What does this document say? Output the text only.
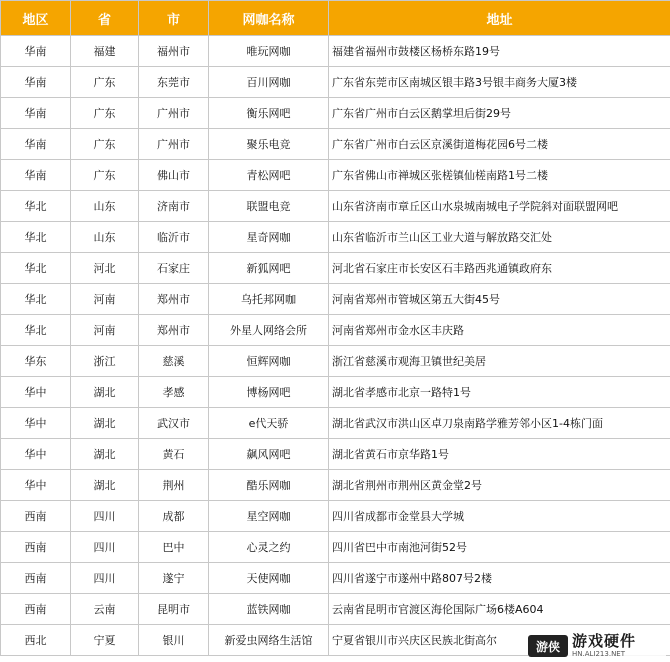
地区	省	市	网咖名称	地址
华南	福建	福州市	唯玩网咖	福建省福州市鼓楼区杨桥东路19号
华南	广东	东莞市	百川网咖	广东省东莞市区南城区银丰路3号银丰商务大厦3楼
华南	广东	广州市	衡乐网吧	广东省广州市白云区鹅掌坦后街29号
华南	广东	广州市	聚乐电竞	广东省广州市白云区京溪街道梅花园6号二楼
华南	广东	佛山市	青松网吧	广东省佛山市禅城区张槎镇仙槎南路1号二楼
华北	山东	济南市	联盟电竞	山东省济南市章丘区山水泉城南城电子学院斜对面联盟网吧
华北	山东	临沂市	星奇网咖	山东省临沂市兰山区工业大道与解放路交汇处
华北	河北	石家庄	新狐网吧	河北省石家庄市长安区石丰路西兆通镇政府东
华北	河南	郑州市	乌托邦网咖	河南省郑州市管城区第五大街45号
华北	河南	郑州市	外星人网络会所	河南省郑州市金水区丰庆路
华东	浙江	慈溪	恒辉网咖	浙江省慈溪市观海卫镇世纪美居
华中	湖北	孝感	博杨网吧	湖北省孝感市北京一路特1号
华中	湖北	武汉市	e代天骄	湖北省武汉市洪山区卓刀泉南路学雅芳邻小区1-4栋门面
华中	湖北	黄石	飙风网吧	湖北省黄石市京华路1号
华中	湖北	荆州	酷乐网咖	湖北省荆州市荆州区黄金堂2号
西南	四川	成都	星空网咖	四川省成都市金堂县大学城
西南	四川	巴中	心灵之约	四川省巴中市南池河街52号
西南	四川	遂宁	天使网咖	四川省遂宁市遂州中路807号2楼
西南	云南	昆明市	蓝铁网咖	云南省昆明市官渡区海伦国际广场6楼A604
西北	宁夏	银川	新爱虫网络生活馆	宁夏省银川市兴庆区民族北街高尔	游侠 游戏硬件
HN.ALI213.NET
